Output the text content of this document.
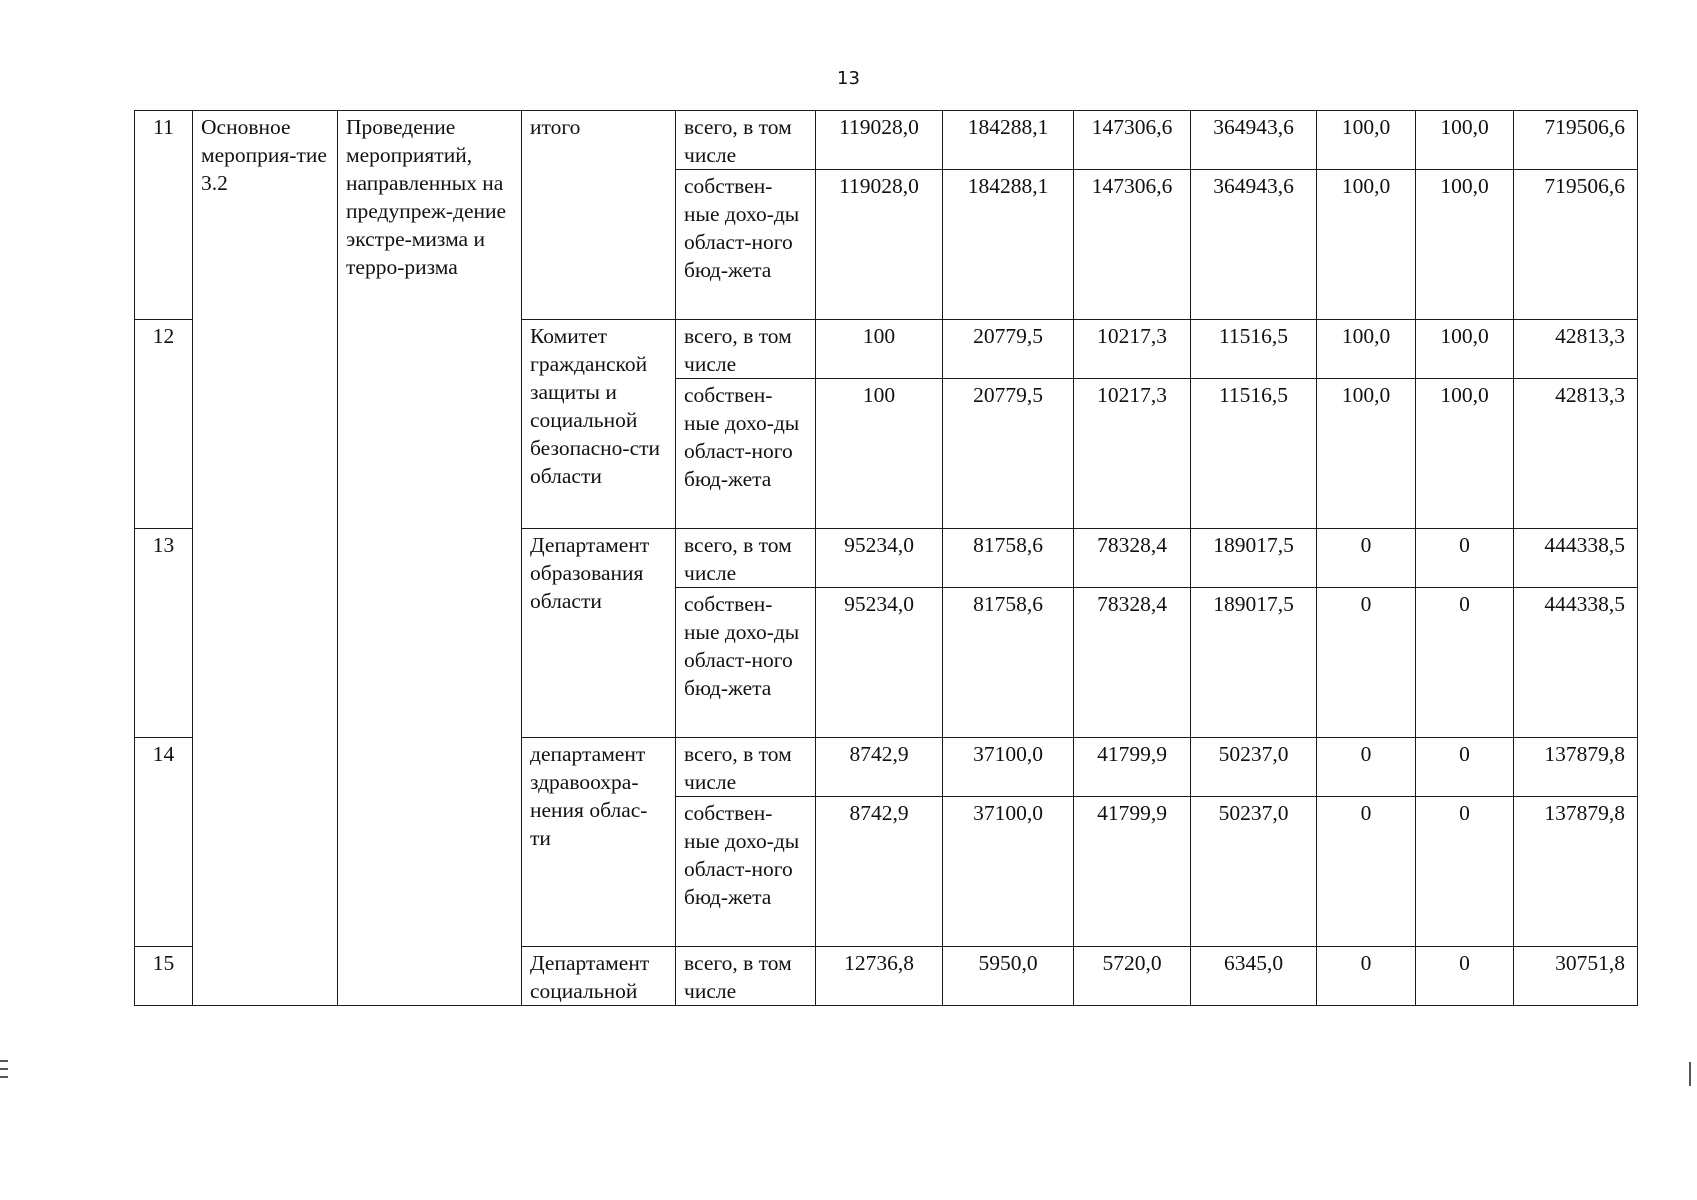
13
11	Основное мероприя-тие 3.2	Проведение мероприятий, направленных на предупреж-дение экстре-мизма и терро-ризма	итого	всего, в том числе	119028,0	184288,1	147306,6	364943,6	100,0	100,0	719506,6

				собствен-ные дохо-ды област-ного бюд-жета	119028,0	184288,1	147306,6	364943,6	100,0	100,0	719506,6

12			Комитет гражданской защиты и социальной безопасно-сти области	всего, в том числе	100	20779,5	10217,3	11516,5	100,0	100,0	42813,3

				собствен-ные дохо-ды област-ного бюд-жета	100	20779,5	10217,3	11516,5	100,0	100,0	42813,3

13			Департамент образования области	всего, в том числе	95234,0	81758,6	78328,4	189017,5	0	0	444338,5

				собствен-ные дохо-ды област-ного бюд-жета	95234,0	81758,6	78328,4	189017,5	0	0	444338,5

14			департамент здравоохра-нения облас-ти	всего, в том числе	8742,9	37100,0	41799,9	50237,0	0	0	137879,8

				собствен-ные дохо-ды област-ного бюд-жета	8742,9	37100,0	41799,9	50237,0	0	0	137879,8

15			Департамент социальной	всего, в том числе	12736,8	5950,0	5720,0	6345,0	0	0	30751,8
